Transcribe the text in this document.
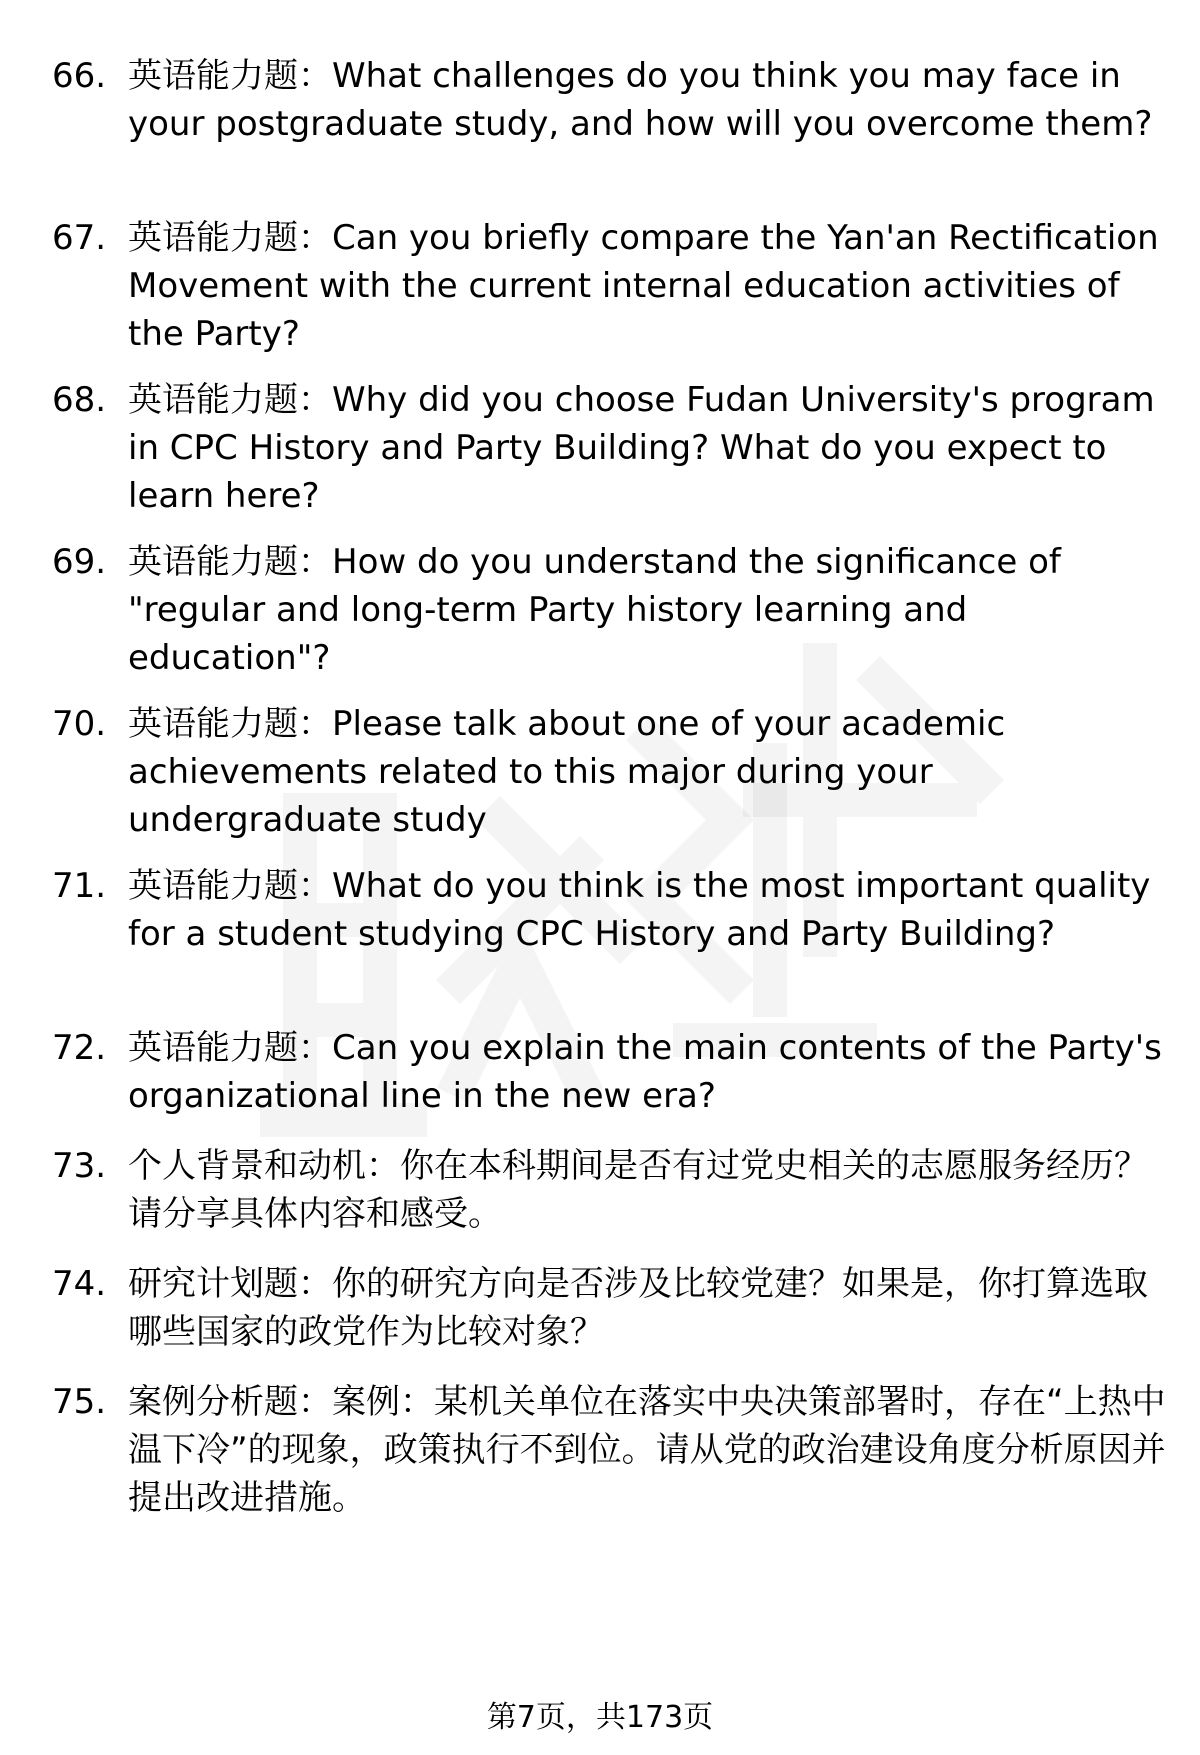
66. 英语能力题：What challenges do you think you may face in your postgraduate study, and how will you overcome them?
67. 英语能力题：Can you briefly compare the Yan'an Rectification Movement with the current internal education activities of the Party?
68. 英语能力题：Why did you choose Fudan University's program in CPC History and Party Building? What do you expect to learn here?
69. 英语能力题：How do you understand the significance of "regular and long-term Party history learning and education"?
70. 英语能力题：Please talk about one of your academic achievements related to this major during your undergraduate study
71. 英语能力题：What do you think is the most important quality for a student studying CPC History and Party Building?
72. 英语能力题：Can you explain the main contents of the Party's organizational line in the new era?
73. 个人背景和动机：你在本科期间是否有过党史相关的志愿服务经历？请分享具体内容和感受。
74. 研究计划题：你的研究方向是否涉及比较党建？如果是，你打算选取哪些国家的政党作为比较对象？
75. 案例分析题：案例：某机关单位在落实中央决策部署时，存在“上热中温下冷”的现象，政策执行不到位。请从党的政治建设角度分析原因并提出改进措施。
第7页，共173页
